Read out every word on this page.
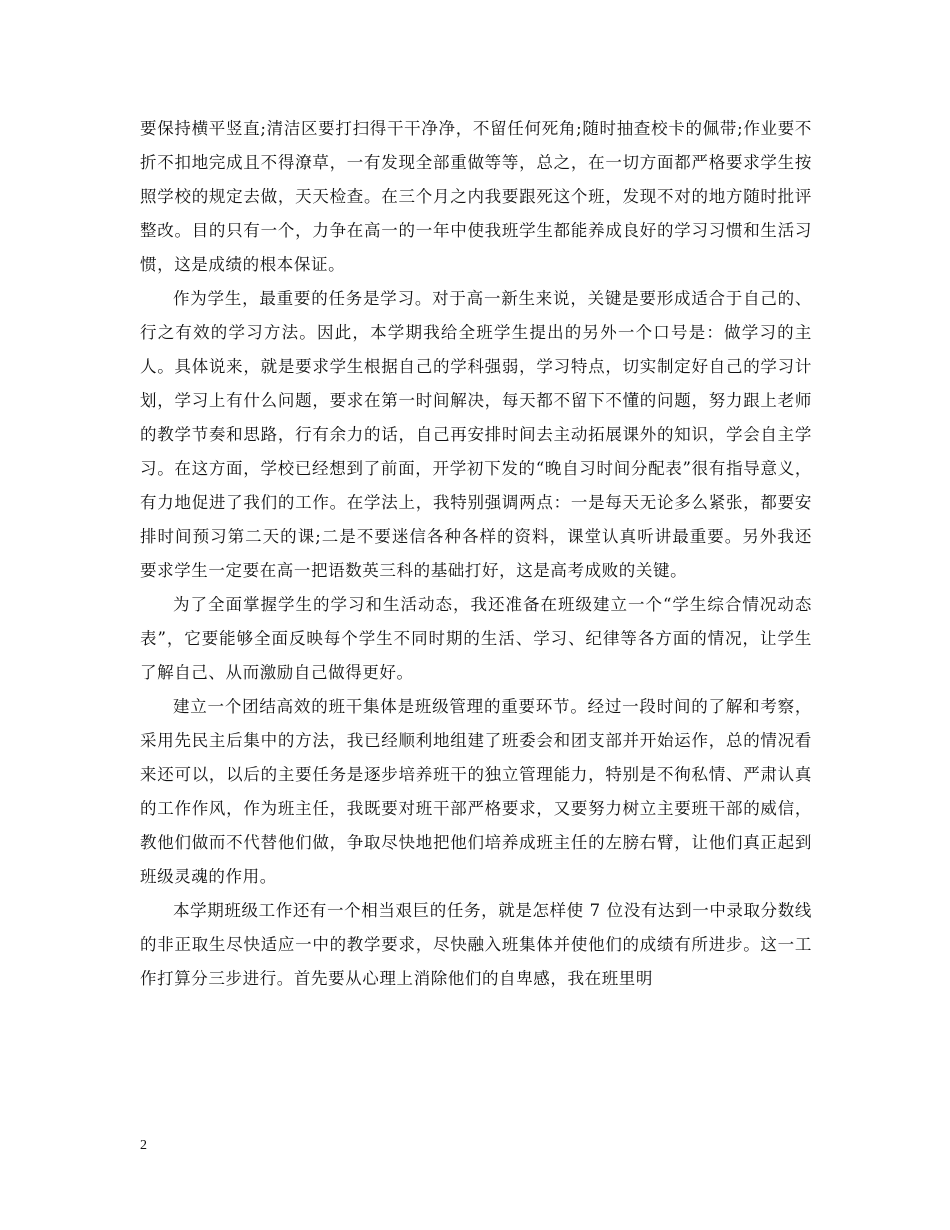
要保持横平竖直;清洁区要打扫得干干净净，不留任何死角;随时抽查校卡的佩带;作业要不折不扣地完成且不得潦草，一有发现全部重做等等，总之，在一切方面都严格要求学生按照学校的规定去做，天天检查。在三个月之内我要跟死这个班，发现不对的地方随时批评整改。目的只有一个，力争在高一的一年中使我班学生都能养成良好的学习习惯和生活习惯，这是成绩的根本保证。

作为学生，最重要的任务是学习。对于高一新生来说，关键是要形成适合于自己的、行之有效的学习方法。因此，本学期我给全班学生提出的另外一个口号是：做学习的主人。具体说来，就是要求学生根据自己的学科强弱，学习特点，切实制定好自己的学习计划，学习上有什么问题，要求在第一时间解决，每天都不留下不懂的问题，努力跟上老师的教学节奏和思路，行有余力的话，自己再安排时间去主动拓展课外的知识，学会自主学习。在这方面，学校已经想到了前面，开学初下发的“晚自习时间分配表”很有指导意义，有力地促进了我们的工作。在学法上，我特别强调两点：一是每天无论多么紧张，都要安排时间预习第二天的课;二是不要迷信各种各样的资料，课堂认真听讲最重要。另外我还要求学生一定要在高一把语数英三科的基础打好，这是高考成败的关键。

为了全面掌握学生的学习和生活动态，我还准备在班级建立一个“学生综合情况动态表”，它要能够全面反映每个学生不同时期的生活、学习、纪律等各方面的情况，让学生了解自己、从而激励自己做得更好。

建立一个团结高效的班干集体是班级管理的重要环节。经过一段时间的了解和考察，采用先民主后集中的方法，我已经顺利地组建了班委会和团支部并开始运作，总的情况看来还可以，以后的主要任务是逐步培养班干的独立管理能力，特别是不徇私情、严肃认真的工作作风，作为班主任，我既要对班干部严格要求，又要努力树立主要班干部的威信，教他们做而不代替他们做，争取尽快地把他们培养成班主任的左膀右臂，让他们真正起到班级灵魂的作用。

本学期班级工作还有一个相当艰巨的任务，就是怎样使 7 位没有达到一中录取分数线的非正取生尽快适应一中的教学要求，尽快融入班集体并使他们的成绩有所进步。这一工作打算分三步进行。首先要从心理上消除他们的自卑感，我在班里明

2
